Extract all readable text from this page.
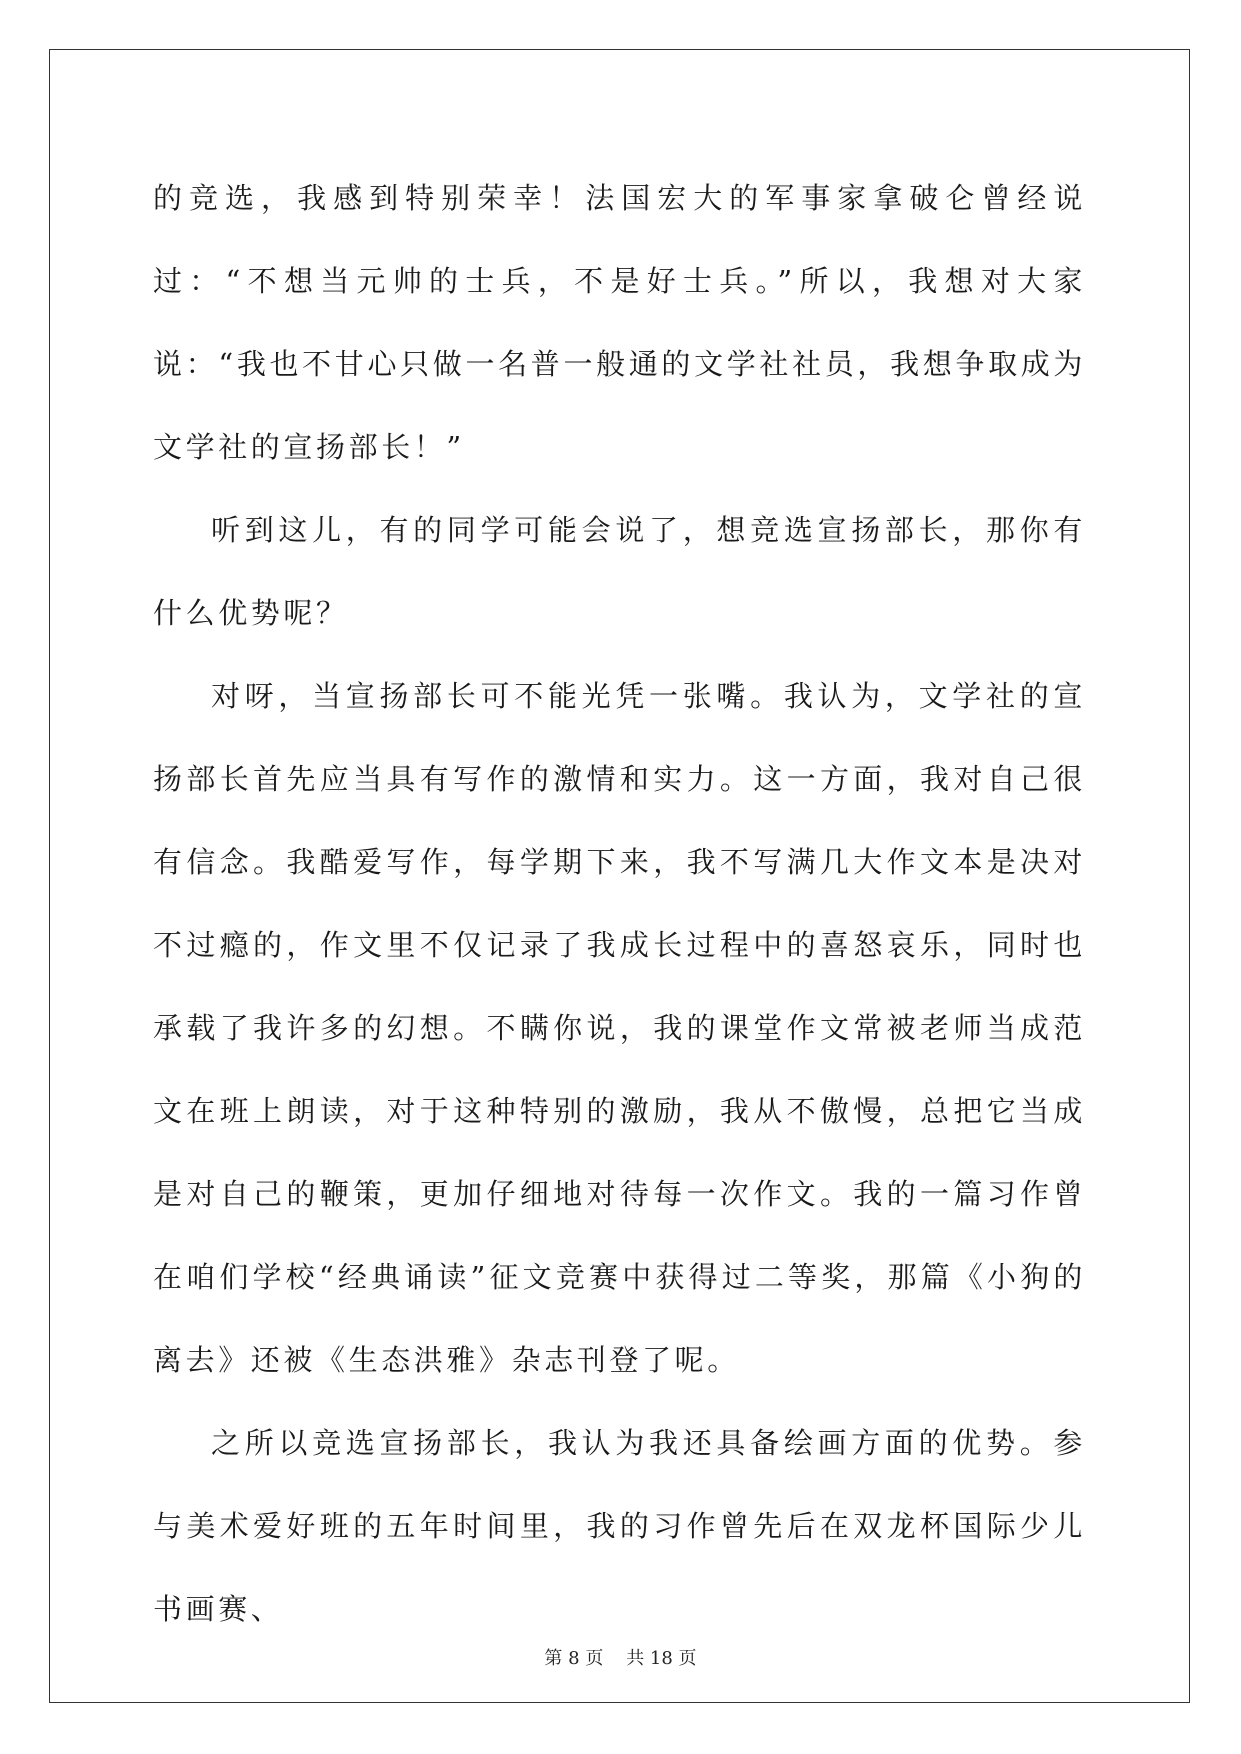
的竞选，我感到特别荣幸！法国宏大的军事家拿破仑曾经说过：“不想当元帅的士兵，不是好士兵。”所以，我想对大家说：“我也不甘心只做一名普一般通的文学社社员，我想争取成为文学社的宣扬部长！”

听到这儿，有的同学可能会说了，想竞选宣扬部长，那你有什么优势呢？

对呀，当宣扬部长可不能光凭一张嘴。我认为，文学社的宣扬部长首先应当具有写作的激情和实力。这一方面，我对自己很有信念。我酷爱写作，每学期下来，我不写满几大作文本是决对不过瘾的，作文里不仅记录了我成长过程中的喜怒哀乐，同时也承载了我许多的幻想。不瞒你说，我的课堂作文常被老师当成范文在班上朗读，对于这种特别的激励，我从不傲慢，总把它当成是对自己的鞭策，更加仔细地对待每一次作文。我的一篇习作曾在咱们学校“经典诵读”征文竞赛中获得过二等奖，那篇《小狗的离去》还被《生态洪雅》杂志刊登了呢。

之所以竞选宣扬部长，我认为我还具备绘画方面的优势。参与美术爱好班的五年时间里，我的习作曾先后在双龙杯国际少儿书画赛、

第 8 页    共 18 页
